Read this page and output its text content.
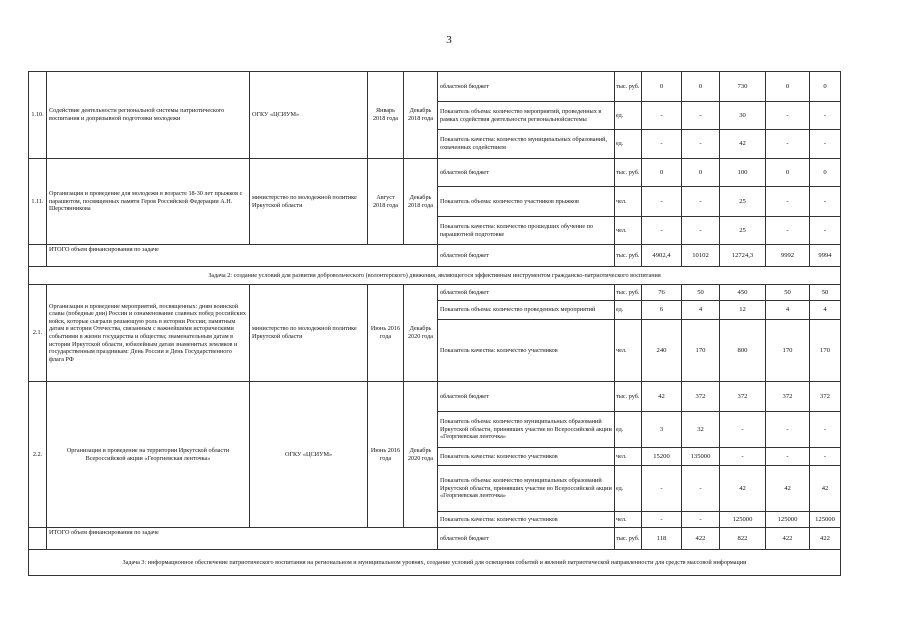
3
1.10.	Содействие деятельности региональной системы патриотического воспитания и допризывной подготовки молодежи	ОГКУ «ЦСИУМ»	Январь 2018 года	Декабрь 2018 года	областной бюджет	тыс. руб.	0	0	730	0	0
					Показатель объема: количество мероприятий, проведенных в рамках содействия деятельности региональнойсистемы	ед.	-	-	30	-	-
					Показатель качества: количество муниципальных образований, охваченных содействием	ед.	-	-	42	-	-
1.11.	Организация и проведение для молодежи в возрасте 18-30 лет прыжков с парашютом, посвященных памяти Героя Российской Федерации А.Н. Шерстянникова	министерство по молодежной политике Иркутской области	Август 2018 года	Декабрь 2018 года	областной бюджет	тыс. руб.	0	0	100	0	0
					Показатель объема: количество участников прыжков	чел.	-	-	25	-	-
					Показатель качества: количество прошедших обучение по парашютной подготовке	чел.	-	-	25	-	-
	ИТОГО объем финансирования по задаче				областной бюджет	тыс. руб.	4902,4	10102	12724,3	9992	9994
Задача 2: создание условий для развития добровольческого (волонтерского) движения, являющегося эффективным инструментом гражданско-патриотического воспитания											
2.1.	Организация и проведение мероприятий, посвященных: дням воинской славы (победные дни) России и ознаменование славных побед российских войск, которые сыграли решающую роль в истории России; памятным датам в истории Отечества, связанным с важнейшими историческими событиями в жизни государства и общества; знаменательным датам в истории Иркутской области, юбилейным датам знаменитых земляков и государственным праздникам: День России и День Государственного флага РФ	министерство по молодежной политике Иркутской области	Июнь 2016 года	Декабрь 2020 года	областной бюджет	тыс. руб.	76	50	450	50	50
					Показатель объема: количество проведенных мероприятий	ед.	6	4	12	4	4
					Показатель качества: количество участников	чел.	240	170	800	170	170
2.2.	Организация и проведение на территории Иркутской области Всероссийской акции «Георгиевская ленточка»	ОГКУ «ЦСИУМ»	Июнь 2016 года	Декабрь 2020 года	областной бюджет	тыс. руб.	42	372	372	372	372
					Показатель объема: количество муниципальных образований Иркутской области, принявших участие во Всероссийской акции «Георгиевская ленточка»	ед.	3	32	-	-	-
					Показатель качества: количество участников	чел.	15200	135000	-	-	-
					Показатель объема: количество муниципальных образований Иркутской области, принявших участие во Всероссийской акции «Георгиевская ленточка»	ед.	-	-	42	42	42
					Показатель качества: количество участников	чел.	-	-	125000	125000	125000
	ИТОГО объем финансирования по задаче				областной бюджет	тыс. руб.	118	422	822	422	422
Задача 3: информационное обеспечение патриотического воспитания на региональном и муниципальном уровнях, создание условий для освещения событий и явлений патриотической направленности для средств массовой информации											
